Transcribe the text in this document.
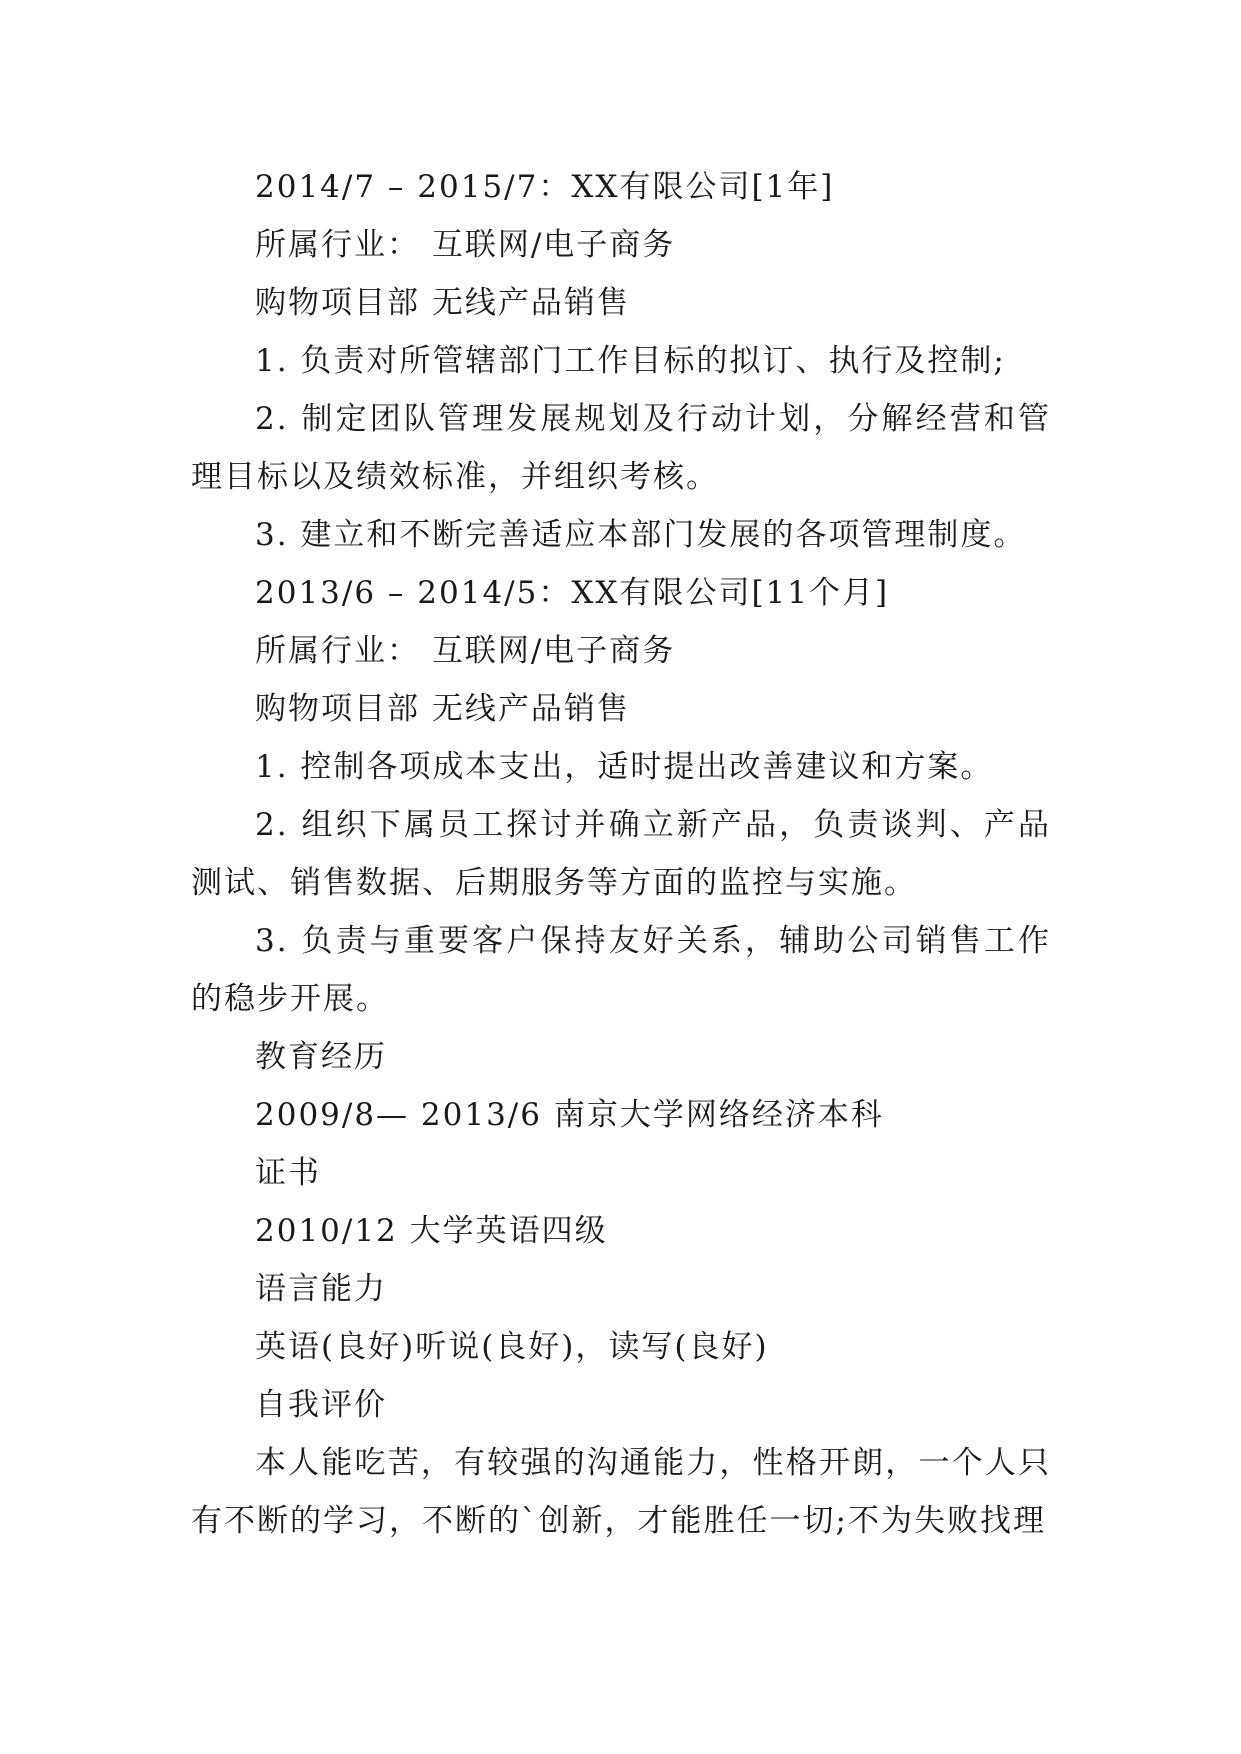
2014/7 – 2015/7：XX有限公司[1年]

所属行业： 互联网/电子商务

购物项目部 无线产品销售

1. 负责对所管辖部门工作目标的拟订、执行及控制;

2. 制定团队管理发展规划及行动计划，分解经营和管理目标以及绩效标准，并组织考核。

3. 建立和不断完善适应本部门发展的各项管理制度。

2013/6 – 2014/5：XX有限公司[11个月]

所属行业： 互联网/电子商务

购物项目部 无线产品销售

1. 控制各项成本支出，适时提出改善建议和方案。

2. 组织下属员工探讨并确立新产品，负责谈判、产品测试、销售数据、后期服务等方面的监控与实施。

3. 负责与重要客户保持友好关系，辅助公司销售工作的稳步开展。

教育经历

2009/8— 2013/6 南京大学网络经济本科

证书

2010/12 大学英语四级

语言能力

英语(良好)听说(良好)，读写(良好)

自我评价

本人能吃苦，有较强的沟通能力，性格开朗，一个人只有不断的学习，不断的`创新，才能胜任一切;不为失败找理
